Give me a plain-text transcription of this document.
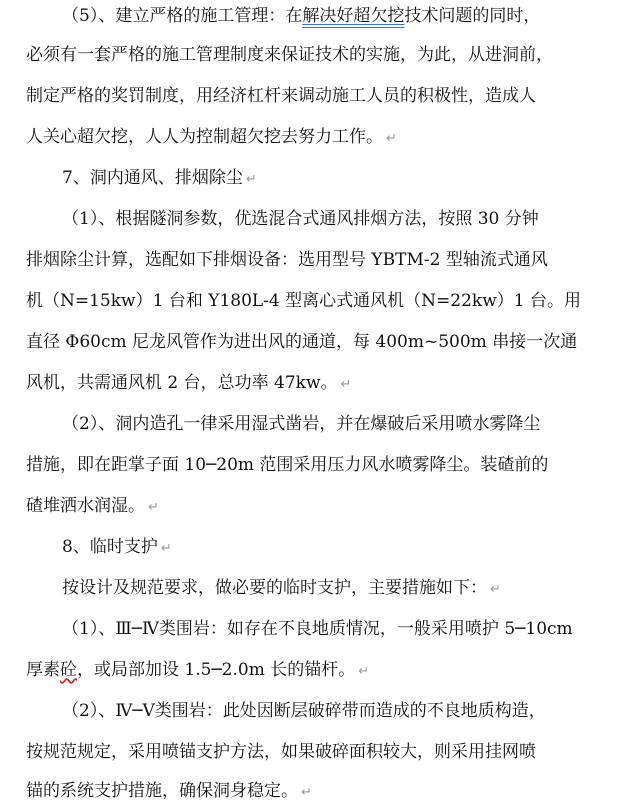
（5）、建立严格的施工管理：在解决好超欠挖技术问题的同时，
必须有一套严格的施工管理制度来保证技术的实施，为此，从进洞前，
制定严格的奖罚制度，用经济杠杆来调动施工人员的积极性，造成人
人关心超欠挖，人人为控制超欠挖去努力工作。 ↵
7、洞内通风、排烟除尘 ↵
（1）、根据隧洞参数，优选混合式通风排烟方法，按照 30 分钟
排烟除尘计算，选配如下排烟设备：选用型号 YBTM-2 型轴流式通风
机（N=15kw）1 台和 Y180L-4 型离心式通风机（N=22kw）1 台。用
直径 Φ60cm 尼龙风管作为进出风的通道，每 400m~500m 串接一次通
风机，共需通风机 2 台，总功率 47kw。 ↵
（2）、洞内造孔一律采用湿式凿岩，并在爆破后采用喷水雾降尘
措施，即在距掌子面 10─20m 范围采用压力风水喷雾降尘。装碴前的
碴堆洒水润湿。 ↵
8、临时支护 ↵
按设计及规范要求，做必要的临时支护，主要措施如下： ↵
（1）、Ⅲ─Ⅳ类围岩：如存在不良地质情况，一般采用喷护 5─10cm
厚素砼，或局部加设 1.5─2.0m 长的锚杆。 ↵
（2）、Ⅳ─Ⅴ类围岩：此处因断层破碎带而造成的不良地质构造，
按规范规定，采用喷锚支护方法，如果破碎面积较大，则采用挂网喷
锚的系统支护措施，确保洞身稳定。 ↵
